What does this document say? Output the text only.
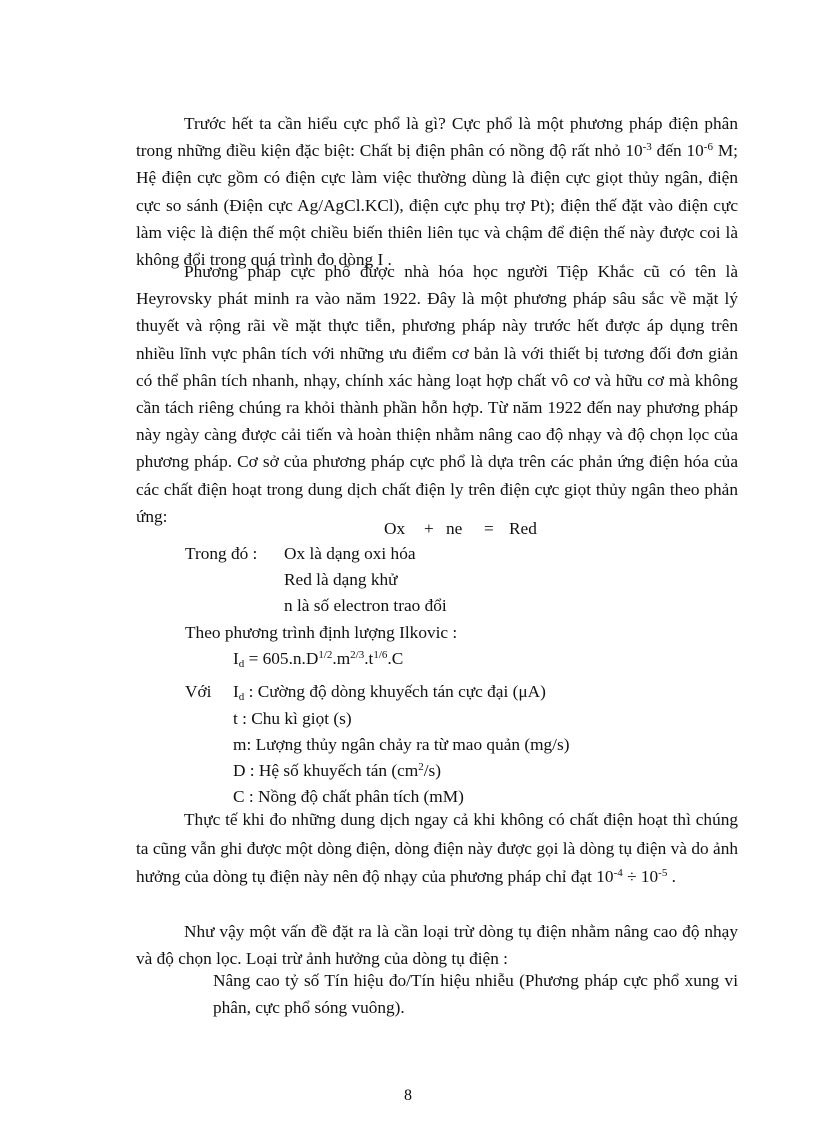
Trước hết ta cần hiểu cực phổ là gì? Cực phổ là một phương pháp điện phân trong những điều kiện đặc biệt: Chất bị điện phân có nồng độ rất nhỏ $10^{-3}$ đến $10^{-6}$ M; Hệ điện cực gồm có điện cực làm việc thường dùng là điện cực giọt thủy ngân, điện cực so sánh (Điện cực Ag/AgCl.KCl), điện cực phụ trợ Pt); điện thế đặt vào điện cực làm việc là điện thế một chiều biến thiên liên tục và chậm để điện thế này được coi là không đổi trong quá trình đo dòng I .

Phương pháp cực phổ được nhà hóa học người Tiệp Khắc cũ có tên là Heyrovsky phát minh ra vào năm 1922. Đây là một phương pháp sâu sắc về mặt lý thuyết và rộng rãi về mặt thực tiễn, phương pháp này trước hết được áp dụng trên nhiều lĩnh vực phân tích với những ưu điểm cơ bản là với thiết bị tương đối đơn giản có thể phân tích nhanh, nhạy, chính xác hàng loạt hợp chất vô cơ và hữu cơ mà không cần tách riêng chúng ra khỏi thành phần hỗn hợp. Từ năm 1922 đến nay phương pháp này ngày càng được cải tiến và hoàn thiện nhằm nâng cao độ nhạy và độ chọn lọc của phương pháp. Cơ sở của phương pháp cực phổ là dựa trên các phản ứng điện hóa của các chất điện hoạt trong dung dịch chất điện ly trên điện cực giọt thủy ngân theo phản ứng:

Ox + ne = Red
Trong đó : Ox là dạng oxi hóa
Red là dạng khử
n là số electron trao đổi
Theo phương trình định lượng Ilkovic :
$I_d = 605.n.D^{1/2}.m^{2/3}.t^{1/6}.C$
Với $I_d$ : Cường độ dòng khuyếch tán cực đại (μA)
t : Chu kì giọt (s)
m: Lượng thủy ngân chảy ra từ mao quản (mg/s)
D : Hệ số khuyếch tán $(cm^2/s)$
C : Nồng độ chất phân tích (mM)

Thực tế khi đo những dung dịch ngay cả khi không có chất điện hoạt thì chúng ta cũng vẫn ghi được một dòng điện, dòng điện này được gọi là dòng tụ điện và do ảnh hưởng của dòng tụ điện này nên độ nhạy của phương pháp chỉ đạt $10^{-4} \div 10^{-5}$ .

Như vậy một vấn đề đặt ra là cần loại trừ dòng tụ điện nhằm nâng cao độ nhạy và độ chọn lọc. Loại trừ ảnh hưởng của dòng tụ điện :

Nâng cao tỷ số Tín hiệu đo/Tín hiệu nhiễu (Phương pháp cực phổ xung vi phân, cực phổ sóng vuông).

8
